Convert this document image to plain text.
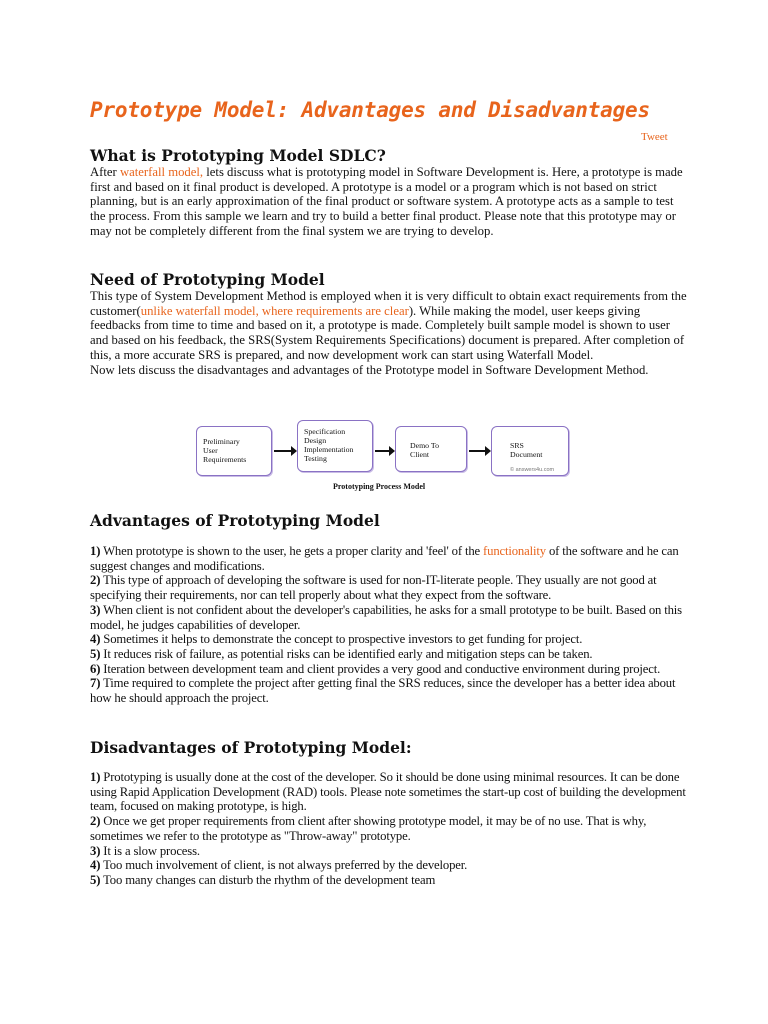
Prototype Model: Advantages and Disadvantages
Tweet
What is Prototyping Model SDLC?

After waterfall model, lets discuss what is prototyping model in Software Development is. Here, a prototype is made first and based on it final product is developed. A prototype is a model or a program which is not based on strict planning, but is an early approximation of the final product or software system. A prototype acts as a sample to test the process. From this sample we learn and try to build a better final product. Please note that this prototype may or may not be completely different from the final system we are trying to develop.

Need of Prototyping Model

This type of System Development Method is employed when it is very difficult to obtain exact requirements from the customer(unlike waterfall model, where requirements are clear). While making the model, user keeps giving feedbacks from time to time and based on it, a prototype is made. Completely built sample model is shown to user and based on his feedback, the SRS(System Requirements Specifications) document is prepared. After completion of this, a more accurate SRS is prepared, and now development work can start using Waterfall Model.
Now lets discuss the disadvantages and advantages of the Prototype model in Software Development Method.

Preliminary
User
Requirements
Specification
Design
Implementation
Testing
Demo To
Client
SRS
Document
© answers4u.com
Prototyping Process Model
Advantages of Prototyping Model
1) When prototype is shown to the user, he gets a proper clarity and 'feel' of the functionality of the software and he can suggest changes and modifications.
2) This type of approach of developing the software is used for non-IT-literate people. They usually are not good at specifying their requirements, nor can tell properly about what they expect from the software.
3) When client is not confident about the developer's capabilities, he asks for a small prototype to be built. Based on this model, he judges capabilities of developer.
4) Sometimes it helps to demonstrate the concept to prospective investors to get funding for project.
5) It reduces risk of failure, as potential risks can be identified early and mitigation steps can be taken.
6) Iteration between development team and client provides a very good and conductive environment during project.
7) Time required to complete the project after getting final the SRS reduces, since the developer has a better idea about how he should approach the project.
Disadvantages of Prototyping Model:
1) Prototyping is usually done at the cost of the developer. So it should be done using minimal resources. It can be done using Rapid Application Development (RAD) tools. Please note sometimes the start-up cost of building the development team, focused on making prototype, is high.
2) Once we get proper requirements from client after showing prototype model, it may be of no use. That is why, sometimes we refer to the prototype as "Throw-away" prototype.
3) It is a slow process.
4) Too much involvement of client, is not always preferred by the developer.
5) Too many changes can disturb the rhythm of the development team
